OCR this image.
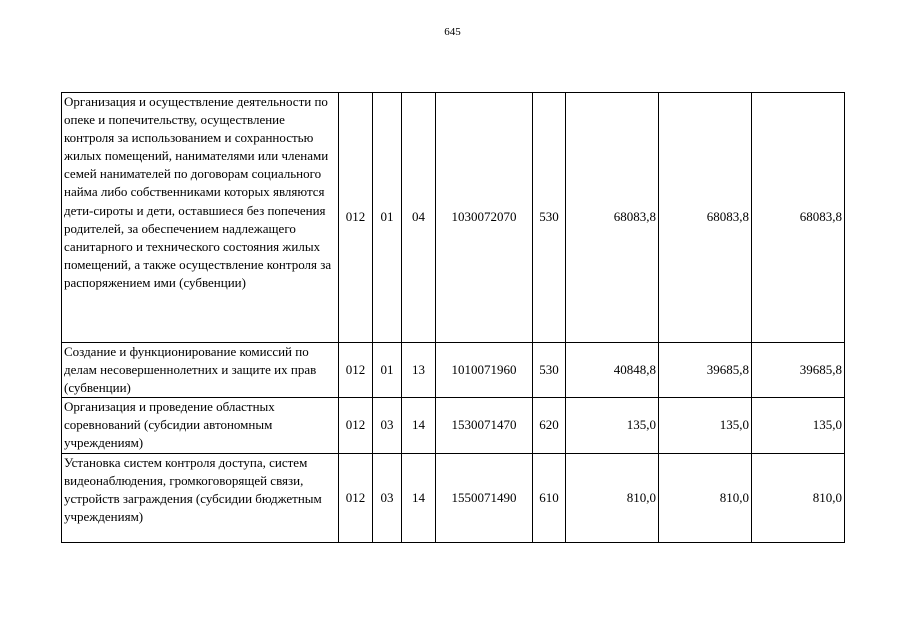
645
Организация и осуществление деятельности по опеке и попечительству, осуществление контроля за использованием и сохранностью жилых помещений, нанимателями или членами семей нанимателей по договорам социального найма либо собственниками которых являются дети-сироты и дети, оставшиеся без попечения родителей, за обеспечением надлежащего санитарного и технического состояния жилых помещений, а также осуществление контроля за распоряжением ими (субвенции)	012	01	04	1030072070	530	68083,8	68083,8	68083,8
Создание и функционирование комиссий по делам несовершеннолетних и защите их прав (субвенции)	012	01	13	1010071960	530	40848,8	39685,8	39685,8
Организация и проведение областных соревнований (субсидии автономным учреждениям)	012	03	14	1530071470	620	135,0	135,0	135,0
Установка систем контроля доступа, систем видеонаблюдения, громкоговорящей связи, устройств заграждения (субсидии бюджетным учреждениям)	012	03	14	1550071490	610	810,0	810,0	810,0
